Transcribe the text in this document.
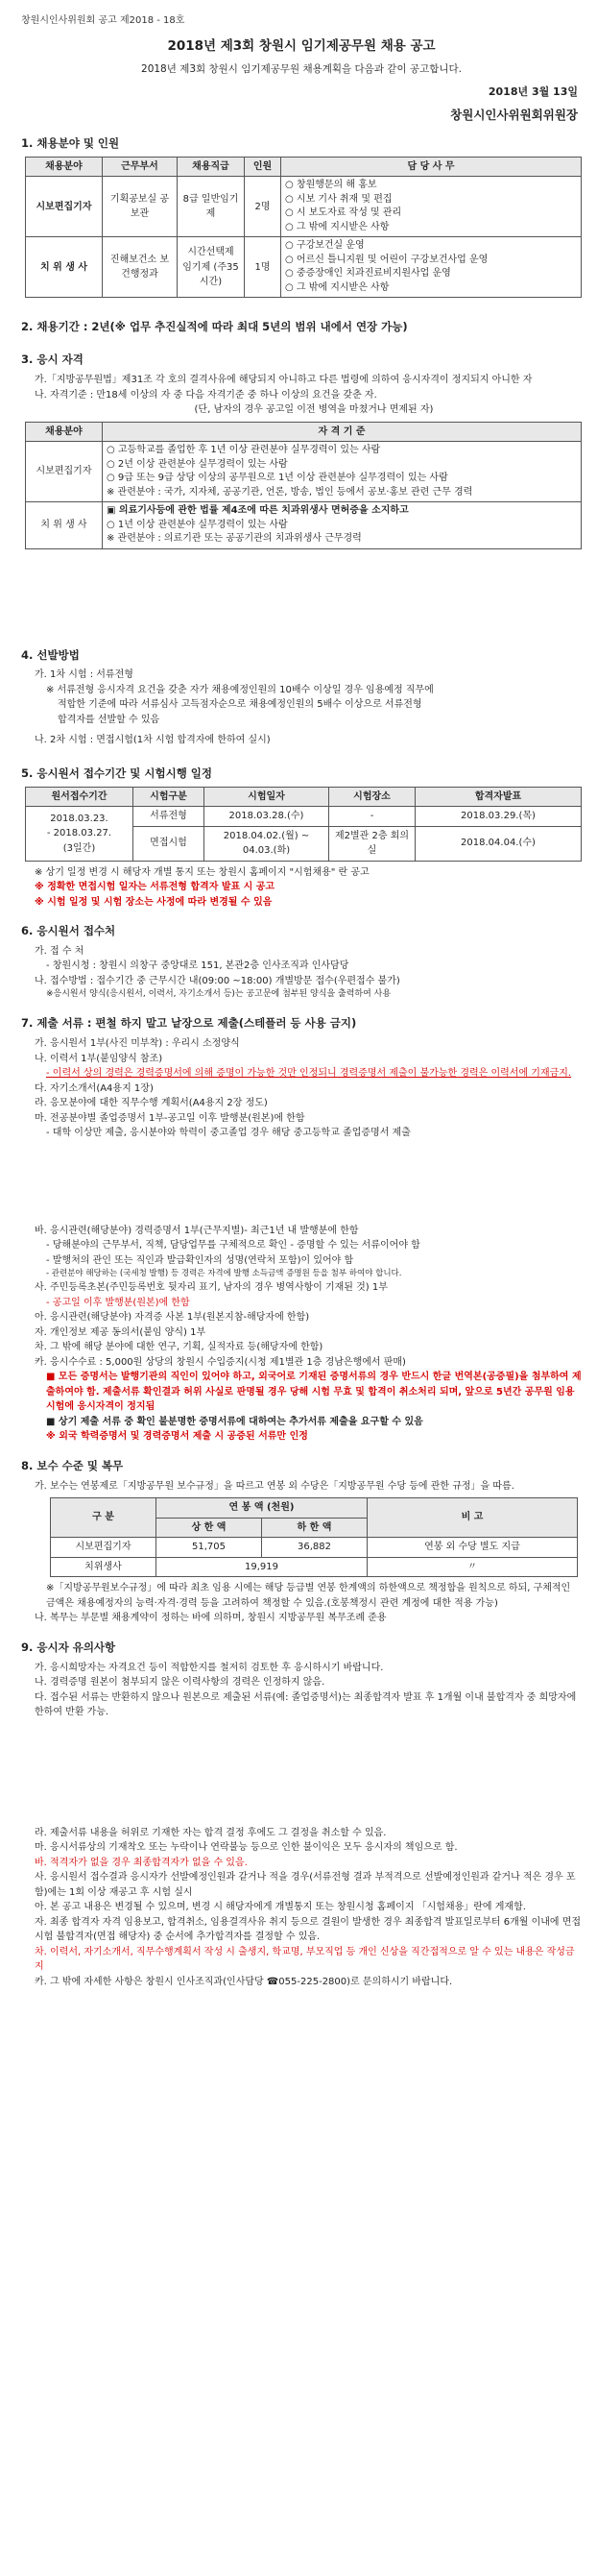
창원시인사위원회 공고 제2018 - 18호
2018년 제3회 창원시 임기제공무원 채용 공고
2018년 제3회 창원시 임기제공무원 채용계획을 다음과 같이 공고합니다.
2018년 3월 13일
창원시인사위원회위원장
1. 채용분야 및 인원
채용분야	근무부서	채용직급	인원	담 당 사 무
시보편집기자	기획공보실 공보관	8급 일반임기제	2명	○ 창원행문의 해 홍보
○ 시보 기사 취재 및 편집
○ 시 보도자료 작성 및 관리
○ 그 밖에 지시받은 사항

치 위 생 사	진해보건소 보건행정과	시간선택제 임기제 (주35시간)	1명	○ 구강보건실 운영
○ 어르신 틀니지원 및 어린이 구강보건사업 운영
○ 중증장애인 치과진료비지원사업 운영
○ 그 밖에 지시받은 사항
2. 채용기간 : 2년(※ 업무 추진실적에 따라 최대 5년의 범위 내에서 연장 가능)
3. 응시 자격
가.「지방공무원법」제31조 각 호의 결격사유에 해당되지 아니하고 다른 법령에 의하여 응시자격이 정지되지 아니한 자
나. 자격기준 : 만18세 이상의 자 중 다음 자격기준 중 하나 이상의 요건을 갖춘 자.
(단, 남자의 경우 공고일 이전 병역을 마쳤거나 면제된 자)
채용분야	자 격 기 준
시보편집기자	○ 고등학교를 졸업한 후 1년 이상 관련분야 실무경력이 있는 사람
○ 2년 이상 관련분야 실무경력이 있는 사람
○ 9급 또는 9급 상당 이상의 공무원으로 1년 이상 관련분야 실무경력이 있는 사람
※ 관련분야 : 국가, 지자체, 공공기관, 언론, 방송, 법인 등에서 공보·홍보 관련 근무 경력

치 위 생 사	▣ 의료기사등에 관한 법률 제4조에 따른 치과위생사 면허증을 소지하고
○ 1년 이상 관련분야 실무경력이 있는 사람
※ 관련분야 : 의료기관 또는 공공기관의 치과위생사 근무경력
4. 선발방법
가. 1차 시험 : 서류전형
※ 서류전형 응시자격 요건을 갖춘 자가 채용예정인원의 10배수 이상일 경우 임용예정 직무에
적합한 기준에 따라 서류심사 고득점자순으로 채용예정인원의 5배수 이상으로 서류전형
합격자를 선발할 수 있음
나. 2차 시험 : 면접시험(1차 시험 합격자에 한하여 실시)
5. 응시원서 접수기간 및 시험시행 일정
원서접수기간	시험구분	시험일자	시험장소	합격자발표

2018.03.23.
- 2018.03.27.
(3일간)	서류전형	2018.03.28.(수)	-	2018.03.29.(목)
	면접시험	2018.04.02.(월) ~ 04.03.(화)	제2별관 2층 회의실	2018.04.04.(수)
※ 상기 일정 변경 시 해당자 개별 통지 또는 창원시 홈페이지 "시험채용" 란 공고
※ 정확한 면접시험 일자는 서류전형 합격자 발표 시 공고
※ 시험 일정 및 시험 장소는 사정에 따라 변경될 수 있음
6. 응시원서 접수처
가. 접 수 처
- 창원시청 : 창원시 의창구 중앙대로 151, 본관2층 인사조직과 인사담당
나. 접수방법 : 접수기간 중 근무시간 내(09:00 ~18:00) 개별방문 접수(우편접수 불가)
※응시원서 양식(응시원서, 이력서, 자기소개서 등)는 공고문에 첨부된 양식을 출력하여 사용
7. 제출 서류 : 편철 하지 말고 낱장으로 제출(스테플러 등 사용 금지)
가. 응시원서 1부(사진 미부착) : 우리시 소정양식
나. 이력서 1부(붙임양식 참조)
- 이력서 상의 경력은 경력증명서에 의해 증명이 가능한 것만 인정되니 경력증명서 제출이 불가능한 경력은 이력서에 기재금지.
다. 자기소개서(A4용지 1장)
라. 응모분야에 대한 직무수행 계획서(A4용지 2장 정도)
마. 전공분야별 졸업증명서 1부-공고일 이후 발행분(원본)에 한함
- 대학 이상만 제출, 응시분야와 학력이 중고졸업 경우 해당 중고등학교 졸업증명서 제출
바. 응시관련(해당분야) 경력증명서 1부(근무지별)- 최근1년 내 발행분에 한함
- 당해분야의 근무부서, 직책, 담당업무를 구체적으로 확인 - 증명할 수 있는 서류이어야 함
- 발행처의 관인 또는 직인과 발급확인자의 성명(연락처 포함)이 있어야 함
- 관련분야 해당하는 (국세청 발행) 등 경력은 자격에 발행 소득금액 증명원 등을 첨부 하여야 합니다.
사. 주민등록초본(주민등록번호 뒷자리 표기, 남자의 경우 병역사항이 기재된 것) 1부
- 공고일 이후 발행분(원본)에 한함
아. 응시관련(해당분야) 자격증 사본 1부(원본지참-해당자에 한함)
자. 개인정보 제공 동의서(붙임 양식) 1부
차. 그 밖에 해당 분야에 대한 연구, 기획, 실적자료 등(해당자에 한함)
카. 응시수수료 : 5,000원 상당의 창원시 수입증지(시청 제1별관 1층 경남은행에서 판매)
■ 모든 증명서는 발행기관의 직인이 있어야 하고, 외국어로 기재된 증명서류의 경우 반드시 한글 번역본(공증필)을 첨부하여 제출하여야 함. 제출서류 확인결과 허위 사실로 판명될 경우 당해 시험 무효 및 합격이 취소처리 되며, 앞으로 5년간 공무원 임용시험에 응시자격이 정지됨
■ 상기 제출 서류 중 확인 불분명한 증명서류에 대하여는 추가서류 제출을 요구할 수 있음
※ 외국 학력증명서 및 경력증명서 제출 시 공증된 서류만 인정
8. 보수 수준 및 복무
가. 보수는 연봉제로「지방공무원 보수규정」을 따르고 연봉 외 수당은「지방공무원 수당 등에 관한 규정」을 따름.
구 분	연 봉 액 (천원)		비 고
	상 한 액	하 한 액	
시보편집기자	51,705	36,882	연봉 외 수당 별도 지급
치위생사	19,919		〃
※「지방공무원보수규정」에 따라 최초 임용 시에는 해당 등급별 연봉 한계액의 하한액으로 책정함을 원칙으로 하되, 구체적인 금액은 채용예정자의 능력·자격·경력 등을 고려하여 책정할 수 있음.(호봉책정시 관련 계정에 대한 적용 가능)
나. 복무는 부문별 채용계약이 정하는 바에 의하며, 창원시 지방공무원 복무조례 준용
9. 응시자 유의사항
가. 응시희망자는 자격요건 등이 적합한지를 철저히 검토한 후 응시하시기 바랍니다.
나. 경력증명 원본이 첨부되지 않은 이력사항의 경력은 인정하지 않음.
다. 접수된 서류는 반환하지 않으나 원본으로 제출된 서류(예: 졸업증명서)는 최종합격자 발표 후 1개월 이내 불합격자 중 희망자에 한하여 반환 가능.
라. 제출서류 내용을 허위로 기재한 자는 합격 결정 후에도 그 결정을 취소할 수 있음.
마. 응시서류상의 기재착오 또는 누락이나 연락불능 등으로 인한 불이익은 모두 응시자의 책임으로 함.
바. 적격자가 없을 경우 최종합격자가 없을 수 있음.
사. 응시원서 접수결과 응시자가 선발예정인원과 같거나 적을 경우(서류전형 결과 부적격으로 선발예정인원과 같거나 적은 경우 포함)에는 1회 이상 재공고 후 시험 실시
아. 본 공고 내용은 변경될 수 있으며, 변경 시 해당자에게 개별통지 또는 창원시청 홈페이지 「시험채용」란에 게재함.
자. 최종 합격자 자격 임용보고, 합격취소, 임용결격사유 취지 등으로 결원이 발생한 경우 최종합격 발표일로부터 6개월 이내에 면접시험 불합격자(면접 해당자) 중 순서에 추가합격자를 결정할 수 있음.
차. 이력서, 자기소개서, 직무수행계획서 작성 시 출생지, 학교명, 부모직업 등 개인 신상을 직간접적으로 알 수 있는 내용은 작성금지
카. 그 밖에 자세한 사항은 창원시 인사조직과(인사담당 ☎055-225-2800)로 문의하시기 바랍니다.
